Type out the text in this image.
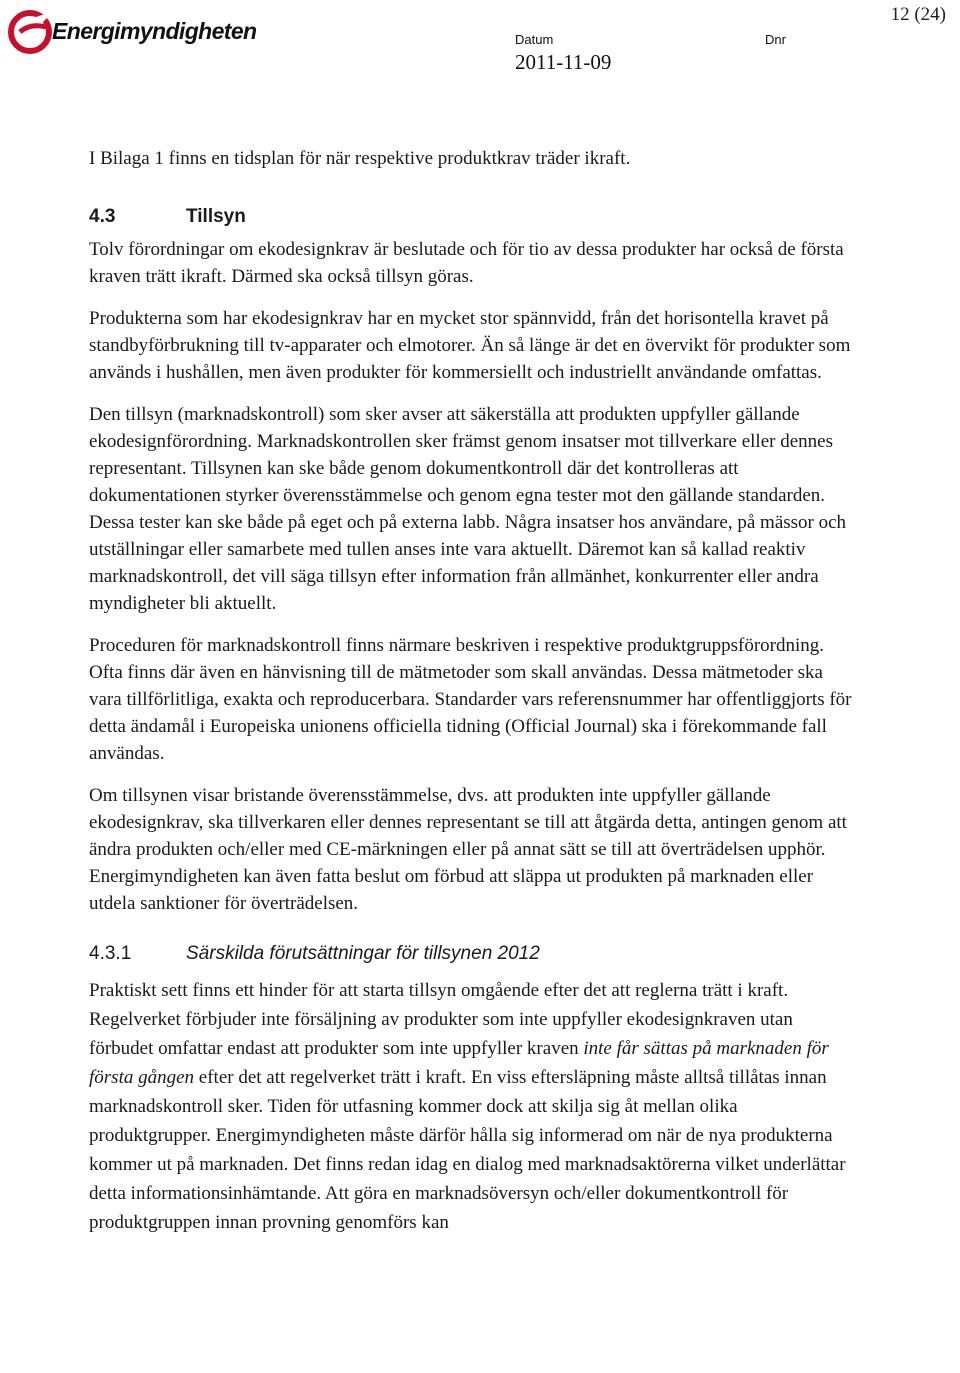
Energimyndigheten	Datum
2011-11-09
Dnr
12 (24)

I Bilaga 1 finns en tidsplan för när respektive produktkrav träder ikraft.

4.3	Tillsyn

Tolv förordningar om ekodesignkrav är beslutade och för tio av dessa produkter har också de första kraven trätt ikraft. Därmed ska också tillsyn göras.

Produkterna som har ekodesignkrav har en mycket stor spännvidd, från det horisontella kravet på standbyförbrukning till tv-apparater och elmotorer. Än så länge är det en övervikt för produkter som används i hushållen, men även produkter för kommersiellt och industriellt användande omfattas.

Den tillsyn (marknadskontroll) som sker avser att säkerställa att produkten uppfyller gällande ekodesignförordning. Marknadskontrollen sker främst genom insatser mot tillverkare eller dennes representant. Tillsynen kan ske både genom dokumentkontroll där det kontrolleras att dokumentationen styrker överensstämmelse och genom egna tester mot den gällande standarden. Dessa tester kan ske både på eget och på externa labb. Några insatser hos användare, på mässor och utställningar eller samarbete med tullen anses inte vara aktuellt. Däremot kan så kallad reaktiv marknadskontroll, det vill säga tillsyn efter information från allmänhet, konkurrenter eller andra myndigheter bli aktuellt.

Proceduren för marknadskontroll finns närmare beskriven i respektive produktgruppsförordning. Ofta finns där även en hänvisning till de mätmetoder som skall användas. Dessa mätmetoder ska vara tillförlitliga, exakta och reproducerbara. Standarder vars referensnummer har offentliggjorts för detta ändamål i Europeiska unionens officiella tidning (Official Journal) ska i förekommande fall användas.

Om tillsynen visar bristande överensstämmelse, dvs. att produkten inte uppfyller gällande ekodesignkrav, ska tillverkaren eller dennes representant se till att åtgärda detta, antingen genom att ändra produkten och/eller med CE-märkningen eller på annat sätt se till att överträdelsen upphör. Energimyndigheten kan även fatta beslut om förbud att släppa ut produkten på marknaden eller utdela sanktioner för överträdelsen.

4.3.1	Särskilda förutsättningar för tillsynen 2012

Praktiskt sett finns ett hinder för att starta tillsyn omgående efter det att reglerna trätt i kraft. Regelverket förbjuder inte försäljning av produkter som inte uppfyller ekodesignkraven utan förbudet omfattar endast att produkter som inte uppfyller kraven inte får sättas på marknaden för första gången efter det att regelverket trätt i kraft. En viss eftersläpning måste alltså tillåtas innan marknadskontroll sker. Tiden för utfasning kommer dock att skilja sig åt mellan olika produktgrupper. Energimyndigheten måste därför hålla sig informerad om när de nya produkterna kommer ut på marknaden. Det finns redan idag en dialog med marknadsaktörerna vilket underlättar detta informationsinhämtande. Att göra en marknadsöversyn och/eller dokumentkontroll för produktgruppen innan provning genomförs kan
